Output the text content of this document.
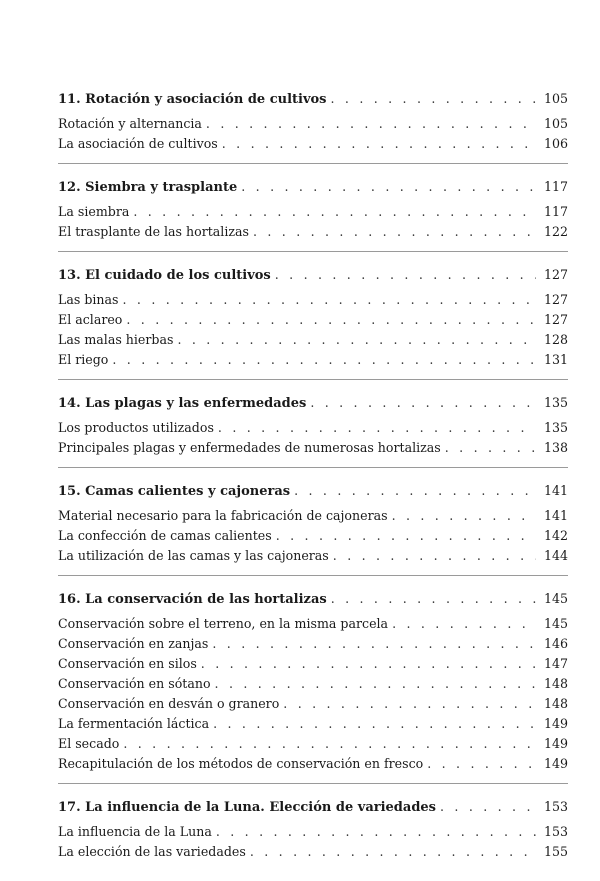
11. Rotación y asociación de cultivos . . .	105
Rotación y alternancia . . .	105
La asociación de cultivos . . .	106
12. Siembra y trasplante . . .	117
La siembra . . .	117
El trasplante de las hortalizas . . .	122
13. El cuidado de los cultivos . . .	127
Las binas . . .	127
El aclareo . . .	127
Las malas hierbas . . .	128
El riego . . .	131
14. Las plagas y las enfermedades . . .	135
Los productos utilizados . . .	135
Principales plagas y enfermedades de numerosas hortalizas . . .	138
15. Camas calientes y cajoneras . . .	141
Material necesario para la fabricación de cajoneras . . .	141
La confección de camas calientes . . .	142
La utilización de las camas y las cajoneras . . .	144
16. La conservación de las hortalizas . . .	145
Conservación sobre el terreno, en la misma parcela . . .	145
Conservación en zanjas . . .	146
Conservación en silos . . .	147
Conservación en sótano . . .	148
Conservación en desván o granero . . .	148
La fermentación láctica . . .	149
El secado . . .	149
Recapitulación de los métodos de conservación en fresco . . .	149
17. La influencia de la Luna. Elección de variedades . . .	153
La influencia de la Luna . . .	153
La elección de las variedades . . .	155
